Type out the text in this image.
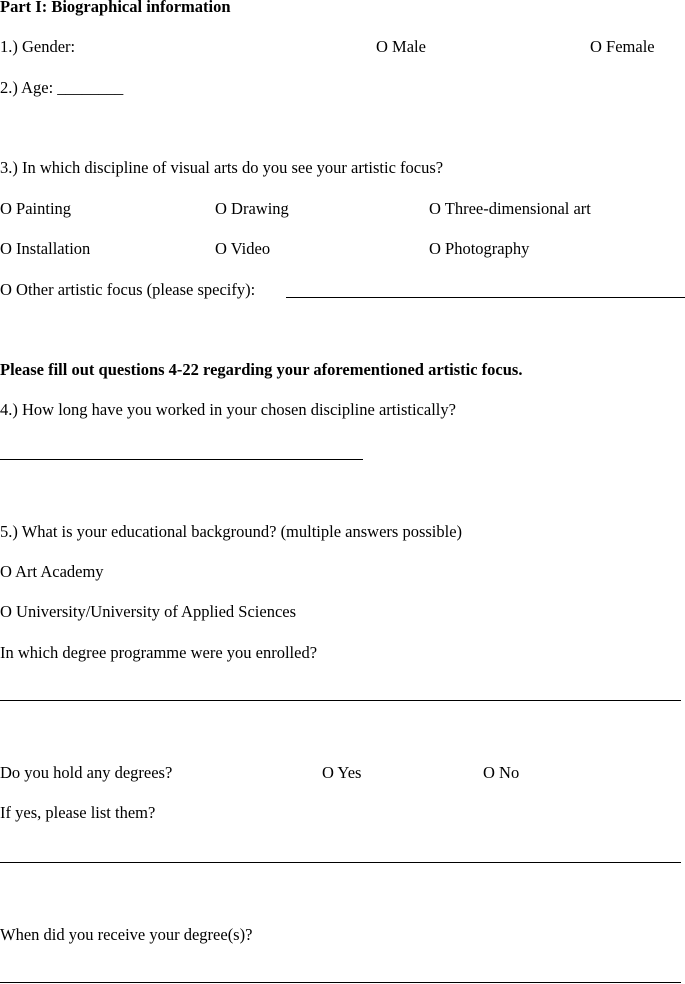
Part I: Biographical information
1.) Gender:	O Male	O Female
2.) Age: ________
3.) In which discipline of visual arts do you see your artistic focus?
O Painting	O Drawing	O Three-dimensional art
O Installation	O Video	O Photography
O Other artistic focus (please specify):
Please fill out questions 4-22 regarding your aforementioned artistic focus.
4.) How long have you worked in your chosen discipline artistically?
5.) What is your educational background? (multiple answers possible)
O Art Academy
O University/University of Applied Sciences
In which degree programme were you enrolled?
Do you hold any degrees?	O Yes	O No
If yes, please list them?
When did you receive your degree(s)?
